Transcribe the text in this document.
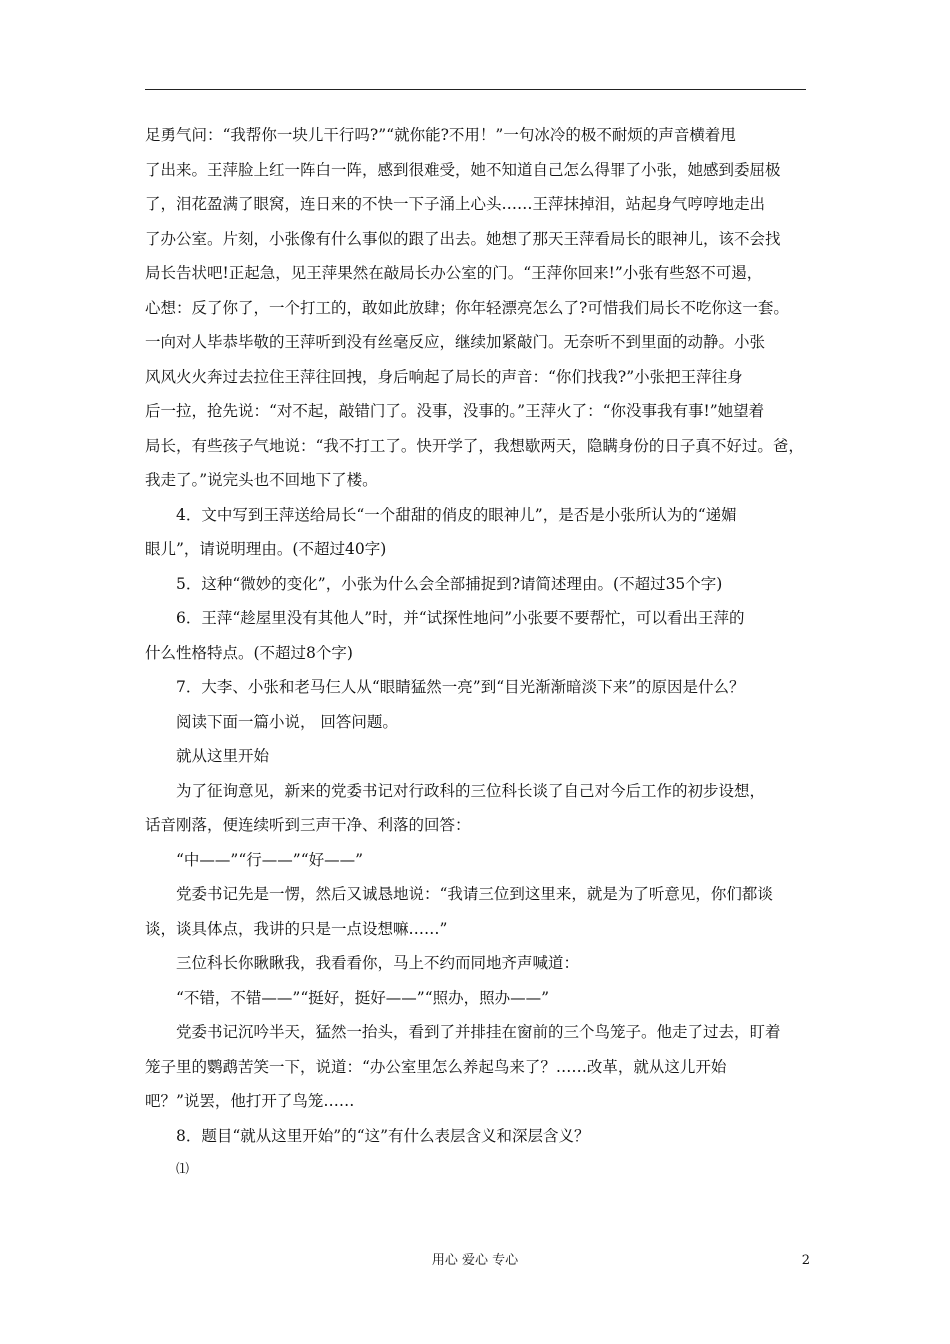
足勇气问：“我帮你一块儿干行吗?”“就你能?不用！”一句冰冷的极不耐烦的声音横着甩
了出来。王萍脸上红一阵白一阵，感到很难受，她不知道自己怎么得罪了小张，她感到委屈极
了，泪花盈满了眼窝，连日来的不快一下子涌上心头……王萍抹掉泪，站起身气哼哼地走出
了办公室。片刻，小张像有什么事似的跟了出去。她想了那天王萍看局长的眼神儿，该不会找
局长告状吧!正起急，见王萍果然在敲局长办公室的门。“王萍你回来!”小张有些怒不可遏，
心想：反了你了，一个打工的，敢如此放肆；你年轻漂亮怎么了?可惜我们局长不吃你这一套。
一向对人毕恭毕敬的王萍听到没有丝毫反应，继续加紧敲门。无奈听不到里面的动静。小张
风风火火奔过去拉住王萍往回拽，身后响起了局长的声音：“你们找我?”小张把王萍往身
后一拉，抢先说：“对不起，敲错门了。没事，没事的。”王萍火了：“你没事我有事!”她望着
局长，有些孩子气地说：“我不打工了。快开学了，我想歇两天，隐瞒身份的日子真不好过。爸，
我走了。”说完头也不回地下了楼。
4．文中写到王萍送给局长“一个甜甜的俏皮的眼神儿”，是否是小张所认为的“递媚
眼儿”，请说明理由。(不超过40字)
5．这种“微妙的变化”，小张为什么会全部捕捉到?请简述理由。(不超过35个字)
6．王萍“趁屋里没有其他人”时，并“试探性地问”小张要不要帮忙，可以看出王萍的
什么性格特点。(不超过8个字)
7．大李、小张和老马仨人从“眼睛猛然一亮”到“目光渐渐暗淡下来”的原因是什么？
阅读下面一篇小说， 回答问题。
就从这里开始
为了征询意见，新来的党委书记对行政科的三位科长谈了自己对今后工作的初步设想，
话音刚落，便连续听到三声干净、利落的回答：
“中——”“行——”“好——”
党委书记先是一愣，然后又诚恳地说：“我请三位到这里来，就是为了听意见，你们都谈
谈，谈具体点，我讲的只是一点设想嘛……”
三位科长你瞅瞅我，我看看你，马上不约而同地齐声喊道：
“不错，不错——”“挺好，挺好——”“照办，照办——”
党委书记沉吟半天，猛然一抬头，看到了并排挂在窗前的三个鸟笼子。他走了过去，盯着
笼子里的鹦鹉苦笑一下，说道：“办公室里怎么养起鸟来了？……改革，就从这儿开始
吧？”说罢，他打开了鸟笼……
8．题目“就从这里开始”的“这”有什么表层含义和深层含义？
⑴
用心 爱心 专心	2
